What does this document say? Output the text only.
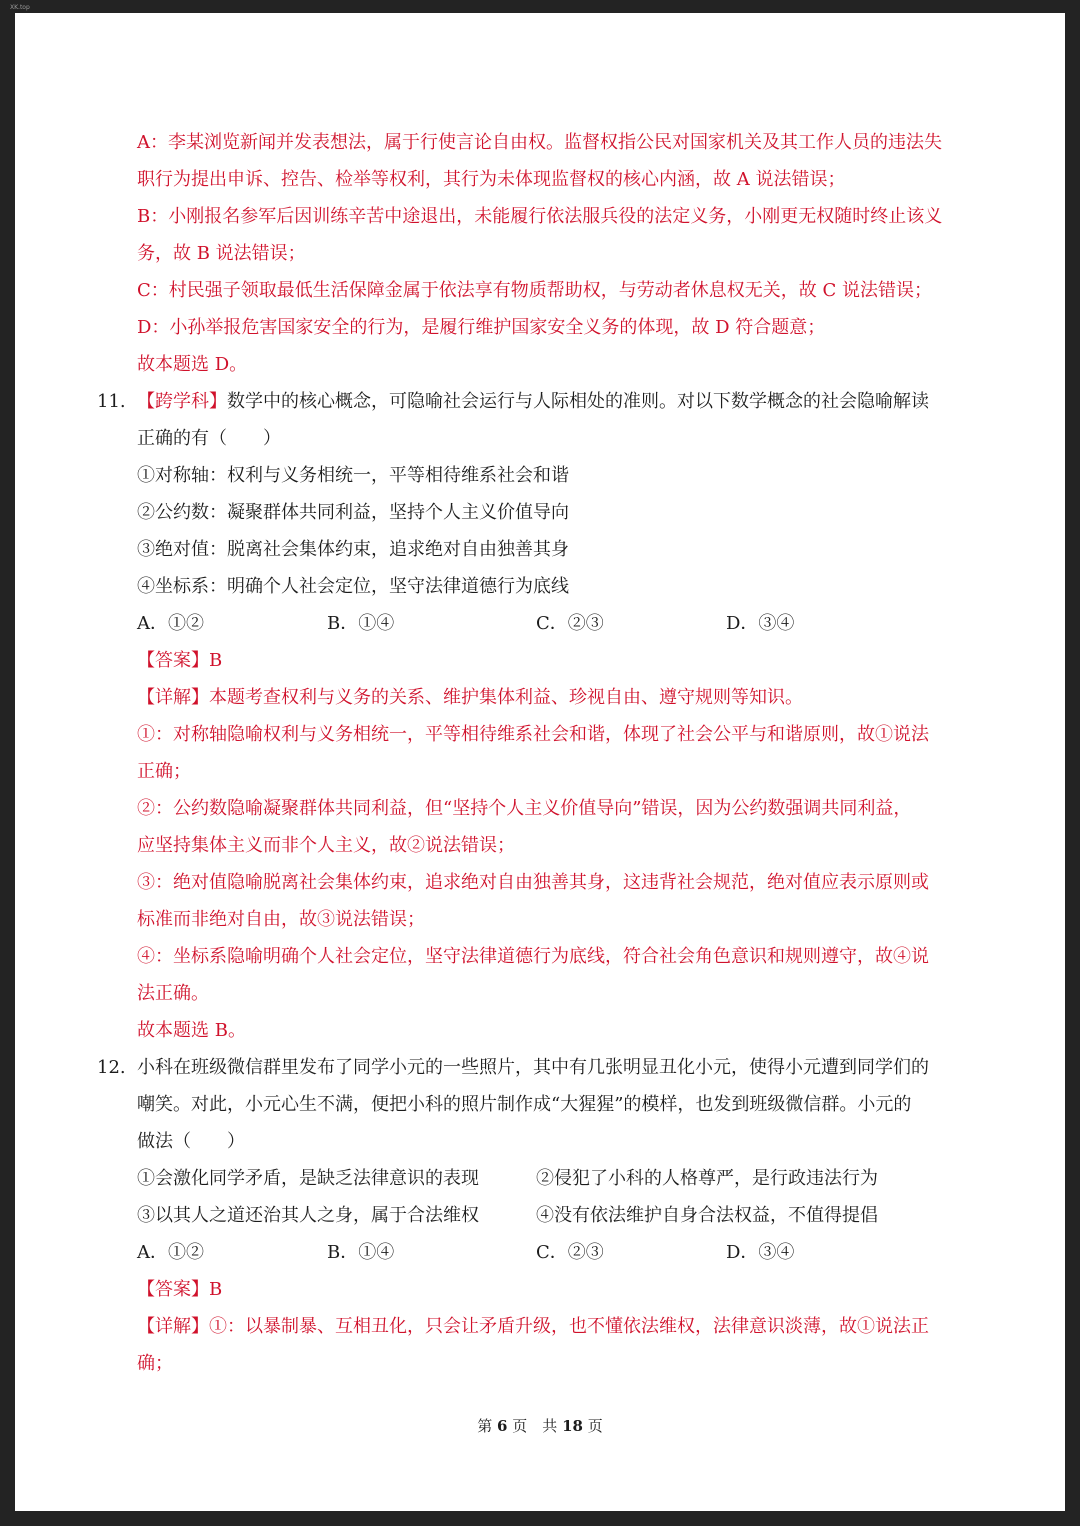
XK.top
A：李某浏览新闻并发表想法，属于行使言论自由权。监督权指公民对国家机关及其工作人员的违法失
职行为提出申诉、控告、检举等权利，其行为未体现监督权的核心内涵，故 A 说法错误；
B：小刚报名参军后因训练辛苦中途退出，未能履行依法服兵役的法定义务，小刚更无权随时终止该义
务，故 B 说法错误；
C：村民强子领取最低生活保障金属于依法享有物质帮助权，与劳动者休息权无关，故 C 说法错误；
D：小孙举报危害国家安全的行为，是履行维护国家安全义务的体现，故 D 符合题意；
故本题选 D。
11. 【跨学科】数学中的核心概念，可隐喻社会运行与人际相处的准则。对以下数学概念的社会隐喻解读
正确的有（　　）
①对称轴：权利与义务相统一，平等相待维系社会和谐
②公约数：凝聚群体共同利益，坚持个人主义价值导向
③绝对值：脱离社会集体约束，追求绝对自由独善其身
④坐标系：明确个人社会定位，坚守法律道德行为底线
A．①②	B．①④	C．②③	D．③④
【答案】B
【详解】本题考查权利与义务的关系、维护集体利益、珍视自由、遵守规则等知识。
①：对称轴隐喻权利与义务相统一，平等相待维系社会和谐，体现了社会公平与和谐原则，故①说法
正确；
②：公约数隐喻凝聚群体共同利益，但“坚持个人主义价值导向”错误，因为公约数强调共同利益，
应坚持集体主义而非个人主义，故②说法错误；
③：绝对值隐喻脱离社会集体约束，追求绝对自由独善其身，这违背社会规范，绝对值应表示原则或
标准而非绝对自由，故③说法错误；
④：坐标系隐喻明确个人社会定位，坚守法律道德行为底线，符合社会角色意识和规则遵守，故④说
法正确。
故本题选 B。
12. 小科在班级微信群里发布了同学小元的一些照片，其中有几张明显丑化小元，使得小元遭到同学们的
嘲笑。对此，小元心生不满，便把小科的照片制作成“大猩猩”的模样，也发到班级微信群。小元的
做法（　　）
①会激化同学矛盾，是缺乏法律意识的表现	②侵犯了小科的人格尊严，是行政违法行为
③以其人之道还治其人之身，属于合法维权	④没有依法维护自身合法权益，不值得提倡
A．①②	B．①④	C．②③	D．③④
【答案】B
【详解】①：以暴制暴、互相丑化，只会让矛盾升级，也不懂依法维权，法律意识淡薄，故①说法正
确；
第 6 页　共 18 页
